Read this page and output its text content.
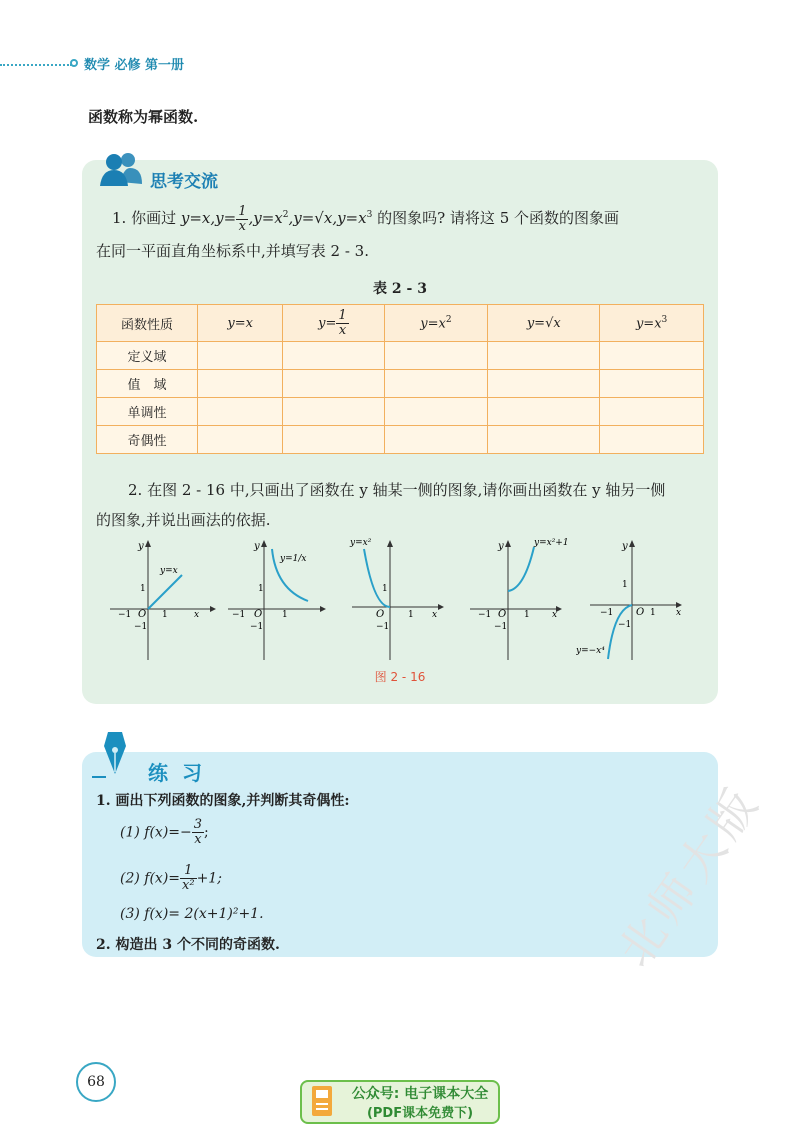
数学 必修 第一册
函数称为幂函数.
思考交流
1. 你画过 $y=x,y= \frac{1}{x} ,y=x^2,y=√x,y=x^3$ 的图象吗? 请将这 5 个函数的图象画
在同一平面直角坐标系中,并填写表 2 - 3.
表 2 - 3
函数性质	y=x	$y= \frac{1}{x}$	$y=x^2$	y=√x	$y=x^3$
定义域					
值　域					
单调性					
奇偶性					
2. 在图 2 - 16 中,只画出了函数在 y 轴某一侧的图象,请你画出函数在 y 轴另一侧
的图象,并说出画法的依据.
y
y=x
1
−1 O 1	x
−1
y
y=1/x
1
−1 O 1
−1
y=x²
1
O	1 x
−1
y	y=x²+1
−1 O 1 x
−1
y
1
−1 O 1 x
−1
y=−x⁴
图 2 - 16
练习
1. 画出下列函数的图象,并判断其奇偶性:
(1) $f(x)=- \frac{3}{x}$ ;
(2) $f(x)= \frac{1}{\text{x²}} +1$;
(3) f(x)= 2(x+1)²+1.
2. 构造出 3 个不同的奇函数.
68
公众号: 电子课本大全
(PDF课本免费下)
北师大版
